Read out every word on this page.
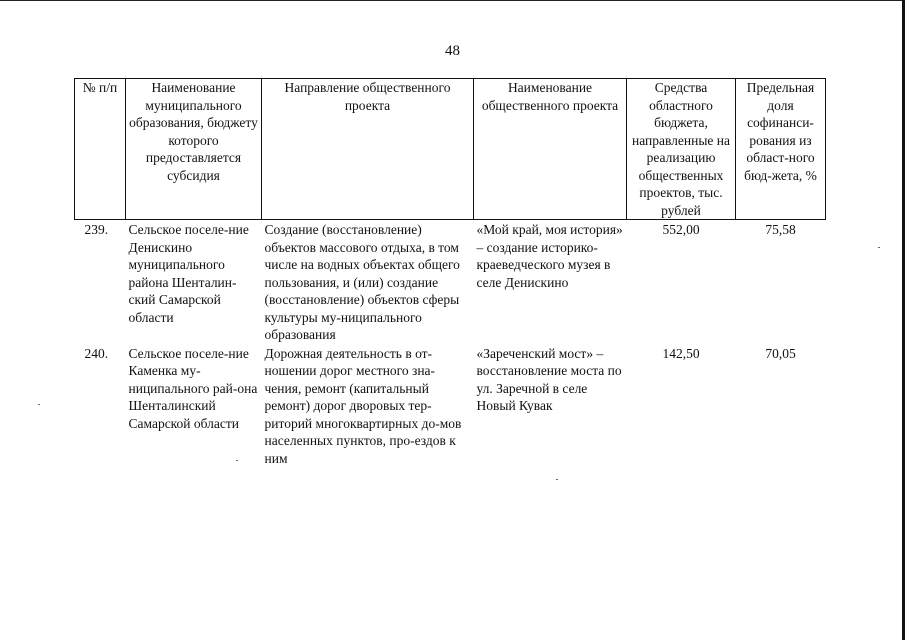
48
№ п/п	Наименование муниципального образования, бюджету которого предоставляется субсидия	Направление общественного проекта	Наименование общественного проекта	Средства областного бюджета, направленные на реализацию общественных проектов, тыс. рублей	Предельная доля софинанси-рования из област-ного бюд-жета, %
239.	Сельское поселе-ние Денискино муниципального района Шенталин-ский Самарской области	Создание (восстановление) объектов массового отдыха, в том числе на водных объектах общего пользования, и (или) создание (восстановление) объектов сферы культуры му-ниципального образования	«Мой край, моя история» – создание историко-краеведческого музея в селе Денискино	552,00	75,58
240.	Сельское поселе-ние Каменка му-ниципального рай-она Шенталинский Самарской области	Дорожная деятельность в от-ношении дорог местного зна-чения, ремонт (капитальный ремонт) дорог дворовых тер-риторий многоквартирных до-мов населенных пунктов, про-ездов к ним	«Зареченский мост» – восстановление моста по ул. Заречной в селе Новый Кувак	142,50	70,05
